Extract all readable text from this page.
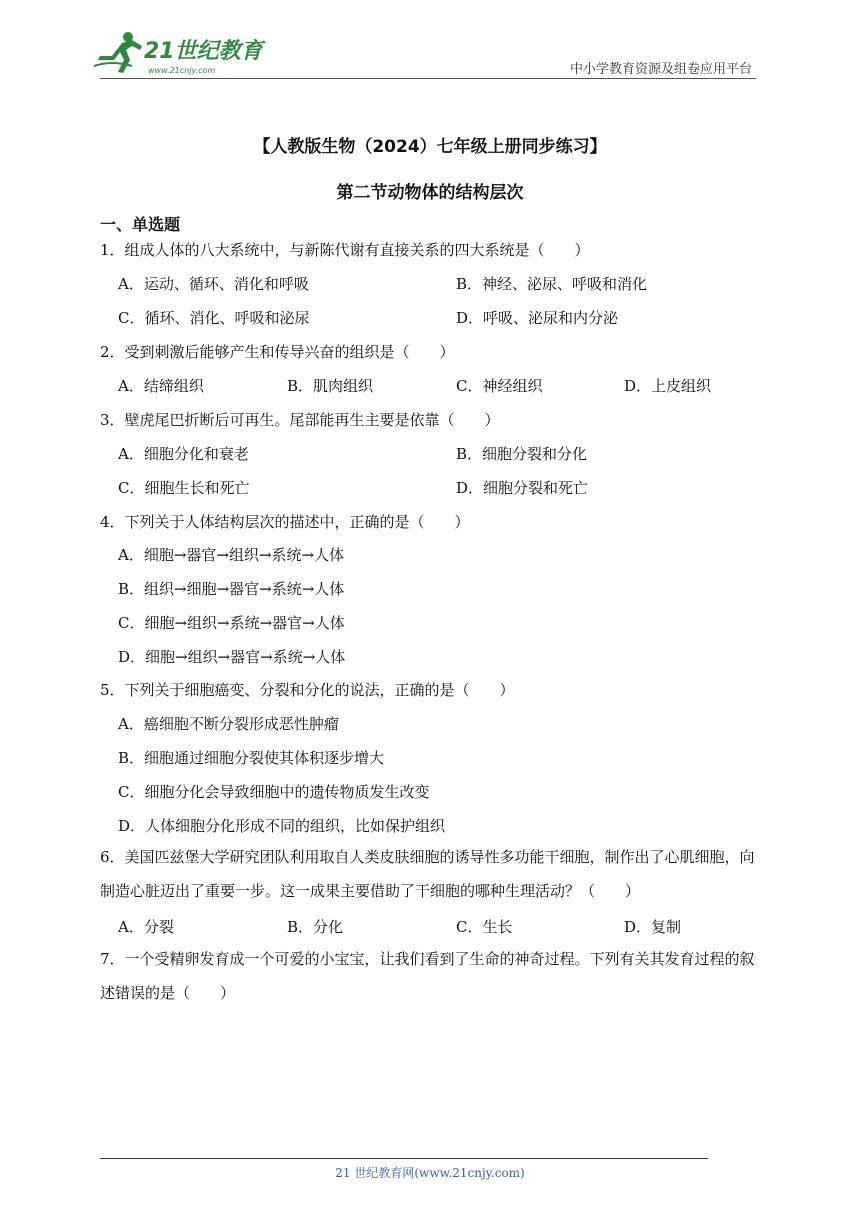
21世纪教育
www.21cnjy.com	中小学教育资源及组卷应用平台
【人教版生物（2024）七年级上册同步练习】
第二节动物体的结构层次
一、单选题
1．组成人体的八大系统中，与新陈代谢有直接关系的四大系统是（　　）
A．运动、循环、消化和呼吸	B．神经、泌尿、呼吸和消化
C．循环、消化、呼吸和泌尿	D．呼吸、泌尿和内分泌
2．受到刺激后能够产生和传导兴奋的组织是（　　）
A．结缔组织	B．肌肉组织	C．神经组织	D．上皮组织
3．壁虎尾巴折断后可再生。尾部能再生主要是依靠（　　）
A．细胞分化和衰老	B．细胞分裂和分化
C．细胞生长和死亡	D．细胞分裂和死亡
4．下列关于人体结构层次的描述中，正确的是（　　）
A．细胞→器官→组织→系统→人体
B．组织→细胞→器官→系统→人体
C．细胞→组织→系统→器官→人体
D．细胞→组织→器官→系统→人体
5．下列关于细胞癌变、分裂和分化的说法，正确的是（　　）
A．癌细胞不断分裂形成恶性肿瘤
B．细胞通过细胞分裂使其体积逐步增大
C．细胞分化会导致细胞中的遗传物质发生改变
D．人体细胞分化形成不同的组织，比如保护组织
6．美国匹兹堡大学研究团队利用取自人类皮肤细胞的诱导性多功能干细胞，制作出了心肌细胞，向制造心脏迈出了重要一步。这一成果主要借助了干细胞的哪种生理活动？（　　）
A．分裂	B．分化	C．生长	D．复制
7．一个受精卵发育成一个可爱的小宝宝，让我们看到了生命的神奇过程。下列有关其发育过程的叙述错误的是（　　）
21 世纪教育网(www.21cnjy.com)
